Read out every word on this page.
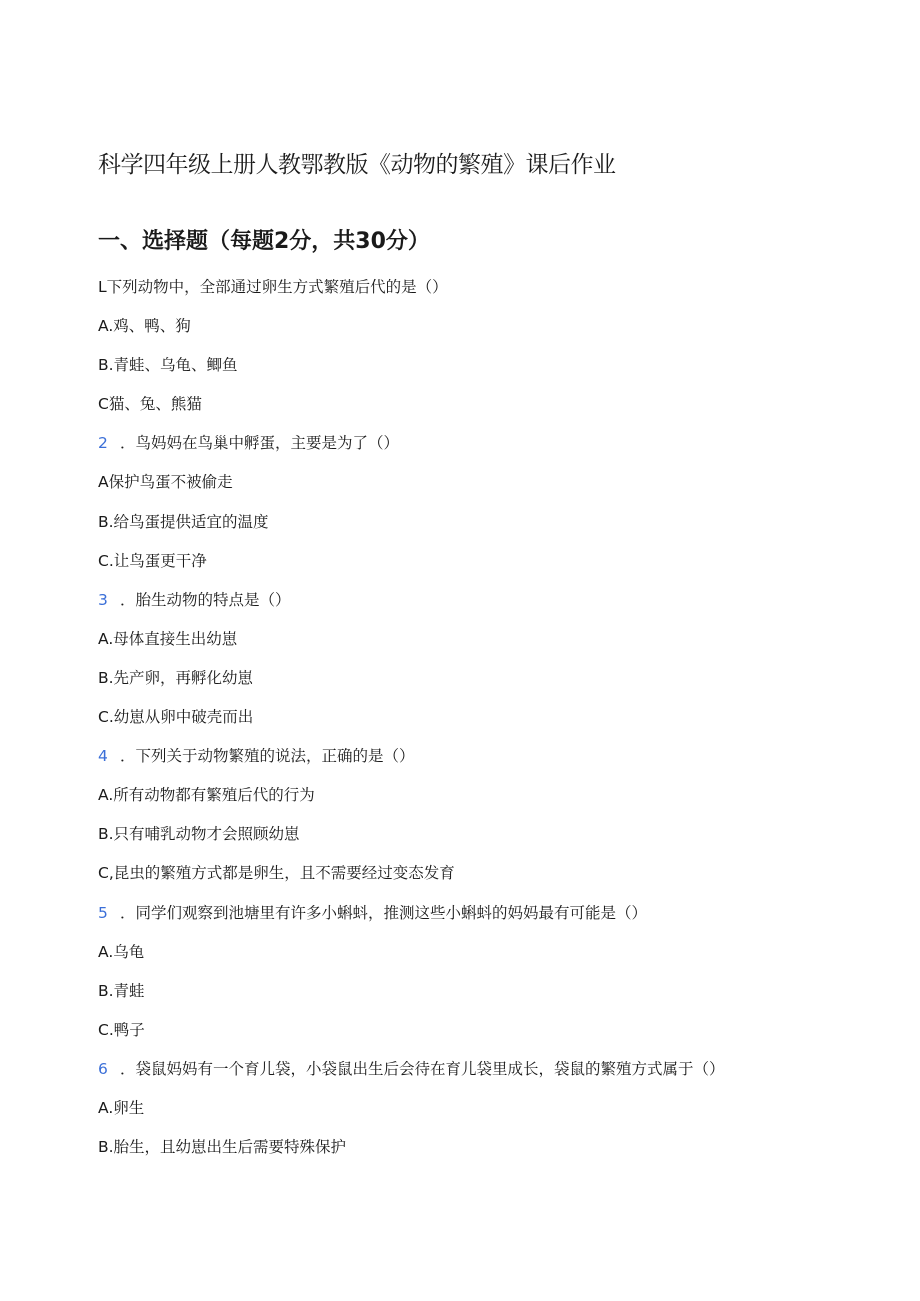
科学四年级上册人教鄂教版《动物的繁殖》课后作业
一、选择题（每题2分，共30分）
L下列动物中，全部通过卵生方式繁殖后代的是（）
A.鸡、鸭、狗
B.青蛙、乌龟、鲫鱼
C猫、兔、熊猫
2 ．鸟妈妈在鸟巢中孵蛋，主要是为了（）
A保护鸟蛋不被偷走
B.给鸟蛋提供适宜的温度
C.让鸟蛋更干净
3 ．胎生动物的特点是（）
A.母体直接生出幼崽
B.先产卵，再孵化幼崽
C.幼崽从卵中破壳而出
4 ．下列关于动物繁殖的说法，正确的是（）
A.所有动物都有繁殖后代的行为
B.只有哺乳动物才会照顾幼崽
C,昆虫的繁殖方式都是卵生，且不需要经过变态发育
5 ．同学们观察到池塘里有许多小蝌蚪，推测这些小蝌蚪的妈妈最有可能是（）
A.乌龟
B.青蛙
C.鸭子
6 ．袋鼠妈妈有一个育儿袋，小袋鼠出生后会待在育儿袋里成长，袋鼠的繁殖方式属于（）
A.卵生
B.胎生，且幼崽出生后需要特殊保护
